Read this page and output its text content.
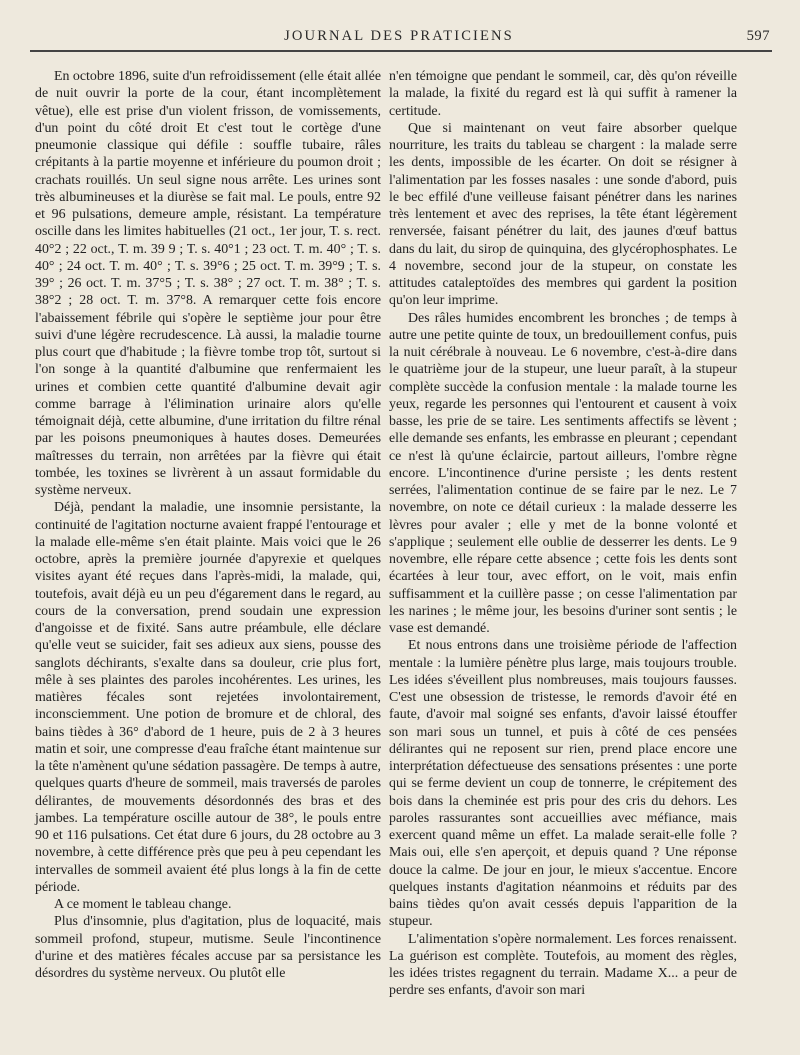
JOURNAL DES PRATICIENS	597

En octobre 1896, suite d'un refroidissement (elle était allée de nuit ouvrir la porte de la cour, étant incomplètement vêtue), elle est prise d'un violent frisson, de vomissements, d'un point du côté droit Et c'est tout le cortège d'une pneumonie classique qui défile : souffle tubaire, râles crépitants à la partie moyenne et inférieure du poumon droit ; crachats rouillés. Un seul signe nous arrête. Les urines sont très albumineuses et la diurèse se fait mal. Le pouls, entre 92 et 96 pulsations, demeure ample, résistant. La température oscille dans les limites habituelles (21 oct., 1er jour, T. s. rect. 40°2 ; 22 oct., T. m. 39 9 ; T. s. 40°1 ; 23 oct. T. m. 40° ; T. s. 40° ; 24 oct. T. m. 40° ; T. s. 39°6 ; 25 oct. T. m. 39°9 ; T. s. 39° ; 26 oct. T. m. 37°5 ; T. s. 38° ; 27 oct. T. m. 38° ; T. s. 38°2 ; 28 oct. T. m. 37°8. A remarquer cette fois encore l'abaissement fébrile qui s'opère le septième jour pour être suivi d'une légère recrudescence. Là aussi, la maladie tourne plus court que d'habitude ; la fièvre tombe trop tôt, surtout si l'on songe à la quantité d'albumine que renfermaient les urines et combien cette quantité d'albumine devait agir comme barrage à l'élimination urinaire alors qu'elle témoignait déjà, cette albumine, d'une irritation du filtre rénal par les poisons pneumoniques à hautes doses. Demeurées maîtresses du terrain, non arrêtées par la fièvre qui était tombée, les toxines se livrèrent à un assaut formidable du système nerveux.

Déjà, pendant la maladie, une insomnie persistante, la continuité de l'agitation nocturne avaient frappé l'entourage et la malade elle-même s'en était plainte. Mais voici que le 26 octobre, après la première journée d'apyrexie et quelques visites ayant été reçues dans l'après-midi, la malade, qui, toutefois, avait déjà eu un peu d'égarement dans le regard, au cours de la conversation, prend soudain une expression d'angoisse et de fixité. Sans autre préambule, elle déclare qu'elle veut se suicider, fait ses adieux aux siens, pousse des sanglots déchirants, s'exalte dans sa douleur, crie plus fort, mêle à ses plaintes des paroles incohérentes. Les urines, les matières fécales sont rejetées involontairement, inconsciemment. Une potion de bromure et de chloral, des bains tièdes à 36° d'abord de 1 heure, puis de 2 à 3 heures matin et soir, une compresse d'eau fraîche étant maintenue sur la tête n'amènent qu'une sédation passagère. De temps à autre, quelques quarts d'heure de sommeil, mais traversés de paroles délirantes, de mouvements désordonnés des bras et des jambes. La température oscille autour de 38°, le pouls entre 90 et 116 pulsations. Cet état dure 6 jours, du 28 octobre au 3 novembre, à cette différence près que peu à peu cependant les intervalles de sommeil avaient été plus longs à la fin de cette période.

A ce moment le tableau change.

Plus d'insomnie, plus d'agitation, plus de loquacité, mais sommeil profond, stupeur, mutisme. Seule l'incontinence d'urine et des matières fécales accuse par sa persistance les désordres du système nerveux. Ou plutôt elle

n'en témoigne que pendant le sommeil, car, dès qu'on réveille la malade, la fixité du regard est là qui suffit à ramener la certitude.

Que si maintenant on veut faire absorber quelque nourriture, les traits du tableau se chargent : la malade serre les dents, impossible de les écarter. On doit se résigner à l'alimentation par les fosses nasales : une sonde d'abord, puis le bec effilé d'une veilleuse faisant pénétrer dans les narines très lentement et avec des reprises, la tête étant légèrement renversée, faisant pénétrer du lait, des jaunes d'œuf battus dans du lait, du sirop de quinquina, des glycérophosphates. Le 4 novembre, second jour de la stupeur, on constate les attitudes cataleptoïdes des membres qui gardent la position qu'on leur imprime.

Des râles humides encombrent les bronches ; de temps à autre une petite quinte de toux, un bredouillement confus, puis la nuit cérébrale à nouveau. Le 6 novembre, c'est-à-dire dans le quatrième jour de la stupeur, une lueur paraît, à la stupeur complète succède la confusion mentale : la malade tourne les yeux, regarde les personnes qui l'entourent et causent à voix basse, les prie de se taire. Les sentiments affectifs se lèvent ; elle demande ses enfants, les embrasse en pleurant ; cependant ce n'est là qu'une éclaircie, partout ailleurs, l'ombre règne encore. L'incontinence d'urine persiste ; les dents restent serrées, l'alimentation continue de se faire par le nez. Le 7 novembre, on note ce détail curieux : la malade desserre les lèvres pour avaler ; elle y met de la bonne volonté et s'applique ; seulement elle oublie de desserrer les dents. Le 9 novembre, elle répare cette absence ; cette fois les dents sont écartées à leur tour, avec effort, on le voit, mais enfin suffisamment et la cuillère passe ; on cesse l'alimentation par les narines ; le même jour, les besoins d'uriner sont sentis ; le vase est demandé.

Et nous entrons dans une troisième période de l'affection mentale : la lumière pénètre plus large, mais toujours trouble. Les idées s'éveillent plus nombreuses, mais toujours fausses. C'est une obsession de tristesse, le remords d'avoir été en faute, d'avoir mal soigné ses enfants, d'avoir laissé étouffer son mari sous un tunnel, et puis à côté de ces pensées délirantes qui ne reposent sur rien, prend place encore une interprétation défectueuse des sensations présentes : une porte qui se ferme devient un coup de tonnerre, le crépitement des bois dans la cheminée est pris pour des cris du dehors. Les paroles rassurantes sont accueillies avec méfiance, mais exercent quand même un effet. La malade serait-elle folle ? Mais oui, elle s'en aperçoit, et depuis quand ? Une réponse douce la calme. De jour en jour, le mieux s'accentue. Encore quelques instants d'agitation néanmoins et réduits par des bains tièdes qu'on avait cessés depuis l'apparition de la stupeur.

L'alimentation s'opère normalement. Les forces renaissent. La guérison est complète. Toutefois, au moment des règles, les idées tristes regagnent du terrain. Madame X... a peur de perdre ses enfants, d'avoir son mari
